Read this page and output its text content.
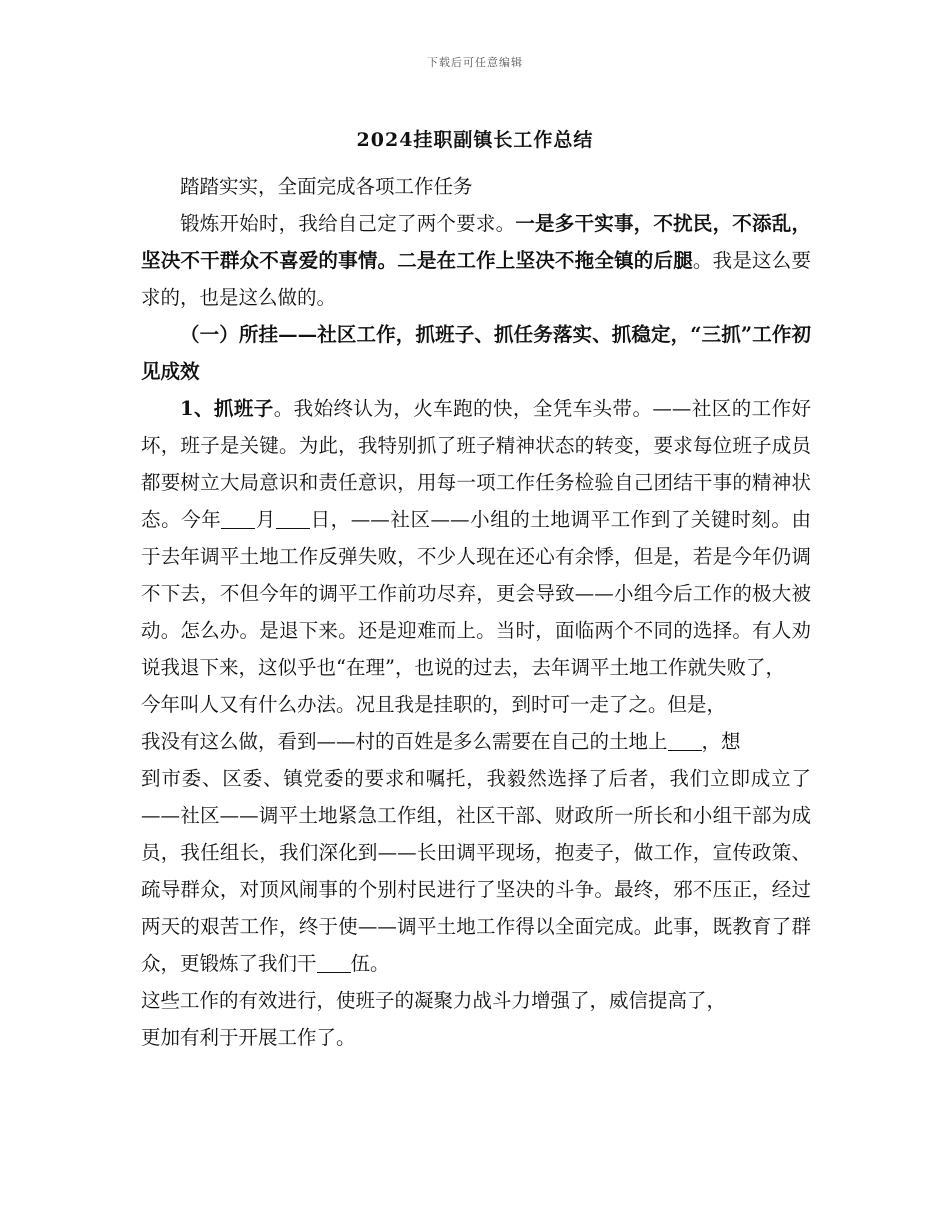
下载后可任意编辑
2024挂职副镇长工作总结

踏踏实实，全面完成各项工作任务

锻炼开始时，我给自己定了两个要求。一是多干实事，不扰民，不添乱，坚决不干群众不喜爱的事情。二是在工作上坚决不拖全镇的后腿。我是这么要求的，也是这么做的。

（一）所挂——社区工作，抓班子、抓任务落实、抓稳定，“三抓”工作初见成效

1、抓班子。我始终认为，火车跑的快，全凭车头带。——社区的工作好坏，班子是关键。为此，我特别抓了班子精神状态的转变，要求每位班子成员都要树立大局意识和责任意识，用每一项工作任务检验自己团结干事的精神状态。今年 月 日，——社区——小组的土地调平工作到了关键时刻。由于去年调平土地工作反弹失败，不少人现在还心有余悸，但是，若是今年仍调不下去，不但今年的调平工作前功尽弃，更会导致——小组今后工作的极大被动。怎么办。是退下来。还是迎难而上。当时，面临两个不同的选择。有人劝说我退下来，这似乎也“在理”，也说的过去，去年调平土地工作就失败了，

今年叫人又有什么办法。况且我是挂职的，到时可一走了之。但是，

我没有这么做，看到——村的百姓是多么需要在自己的土地上 ，想

到市委、区委、镇党委的要求和嘱托，我毅然选择了后者，我们立即成立了——社区——调平土地紧急工作组，社区干部、财政所一所长和小组干部为成员，我任组长，我们深化到——长田调平现场，抱麦子，做工作，宣传政策、疏导群众，对顶风闹事的个别村民进行了坚决的斗争。最终，邪不压正，经过两天的艰苦工作，终于使——调平土地工作得以全面完成。此事，既教育了群众，更锻炼了我们干 伍。

这些工作的有效进行，使班子的凝聚力战斗力增强了，威信提高了，

更加有利于开展工作了。
